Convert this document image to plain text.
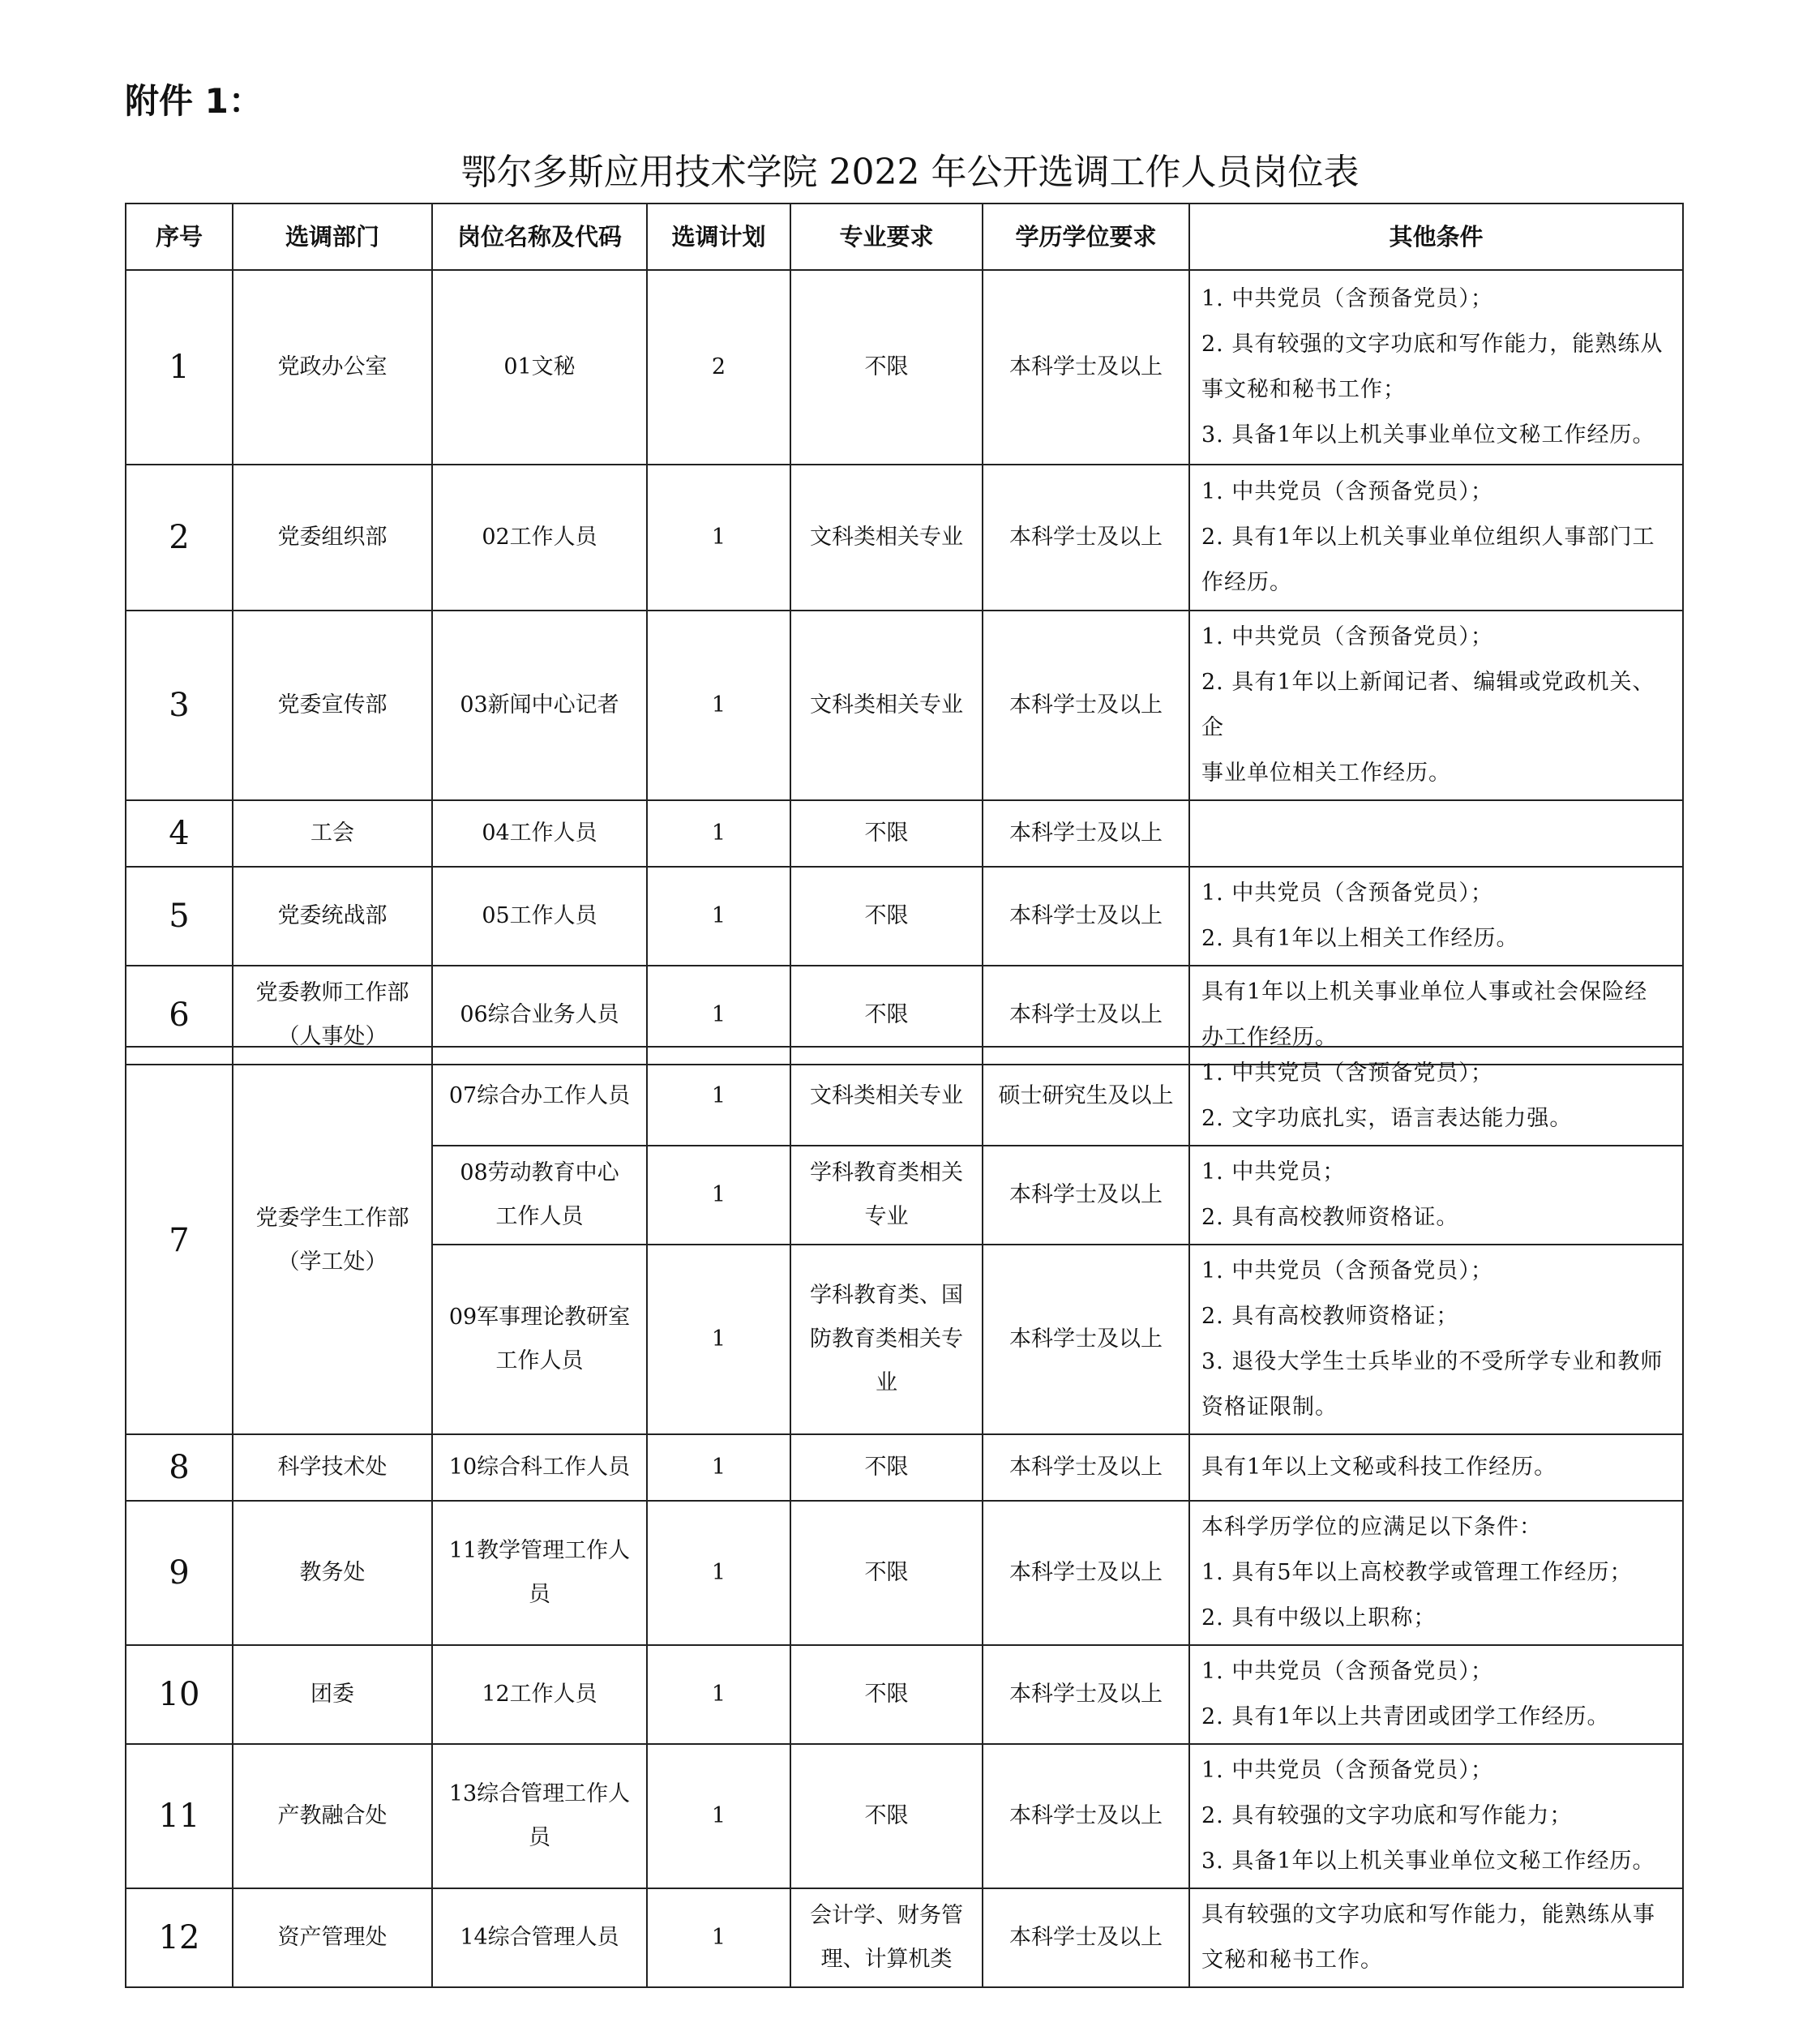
附件 1：
鄂尔多斯应用技术学院 2022 年公开选调工作人员岗位表
序号	选调部门	岗位名称及代码	选调计划	专业要求	学历学位要求	其他条件
1	党政办公室	01文秘	2	不限	本科学士及以上	1. 中共党员（含预备党员）；
2. 具有较强的文字功底和写作能力，能熟练从
事文秘和秘书工作；
3. 具备1年以上机关事业单位文秘工作经历。

2	党委组织部	02工作人员	1	文科类相关专业	本科学士及以上	1. 中共党员（含预备党员）；
2. 具有1年以上机关事业单位组织人事部门工
作经历。

3	党委宣传部	03新闻中心记者	1	文科类相关专业	本科学士及以上	1. 中共党员（含预备党员）；
2. 具有1年以上新闻记者、编辑或党政机关、企
事业单位相关工作经历。

4	工会	04工作人员	1	不限	本科学士及以上	
5	党委统战部	05工作人员	1	不限	本科学士及以上	1. 中共党员（含预备党员）；
2. 具有1年以上相关工作经历。

6	党委教师工作部
（人事处）	06综合业务人员	1	不限	本科学士及以上	具有1年以上机关事业单位人事或社会保险经
办工作经历。
7	党委学生工作部
（学工处）	07综合办工作人员	1	文科类相关专业	硕士研究生及以上	1. 中共党员（含预备党员）；
2. 文字功底扎实，语言表达能力强。

		08劳动教育中心
工作人员	1	学科教育类相关
专业	本科学士及以上	1. 中共党员；
2. 具有高校教师资格证。

		09军事理论教研室
工作人员	1	学科教育类、国
防教育类相关专
业	本科学士及以上	1. 中共党员（含预备党员）；
2. 具有高校教师资格证；
3. 退役大学生士兵毕业的不受所学专业和教师
资格证限制。

8	科学技术处	10综合科工作人员	1	不限	本科学士及以上	具有1年以上文秘或科技工作经历。

9	教务处	11教学管理工作人
员	1	不限	本科学士及以上	本科学历学位的应满足以下条件：
1. 具有5年以上高校教学或管理工作经历；
2. 具有中级以上职称；

10	团委	12工作人员	1	不限	本科学士及以上	1. 中共党员（含预备党员）；
2. 具有1年以上共青团或团学工作经历。

11	产教融合处	13综合管理工作人
员	1	不限	本科学士及以上	1. 中共党员（含预备党员）；
2. 具有较强的文字功底和写作能力；
3. 具备1年以上机关事业单位文秘工作经历。

12	资产管理处	14综合管理人员	1	会计学、财务管
理、计算机类	本科学士及以上	具有较强的文字功底和写作能力，能熟练从事
文秘和秘书工作。
